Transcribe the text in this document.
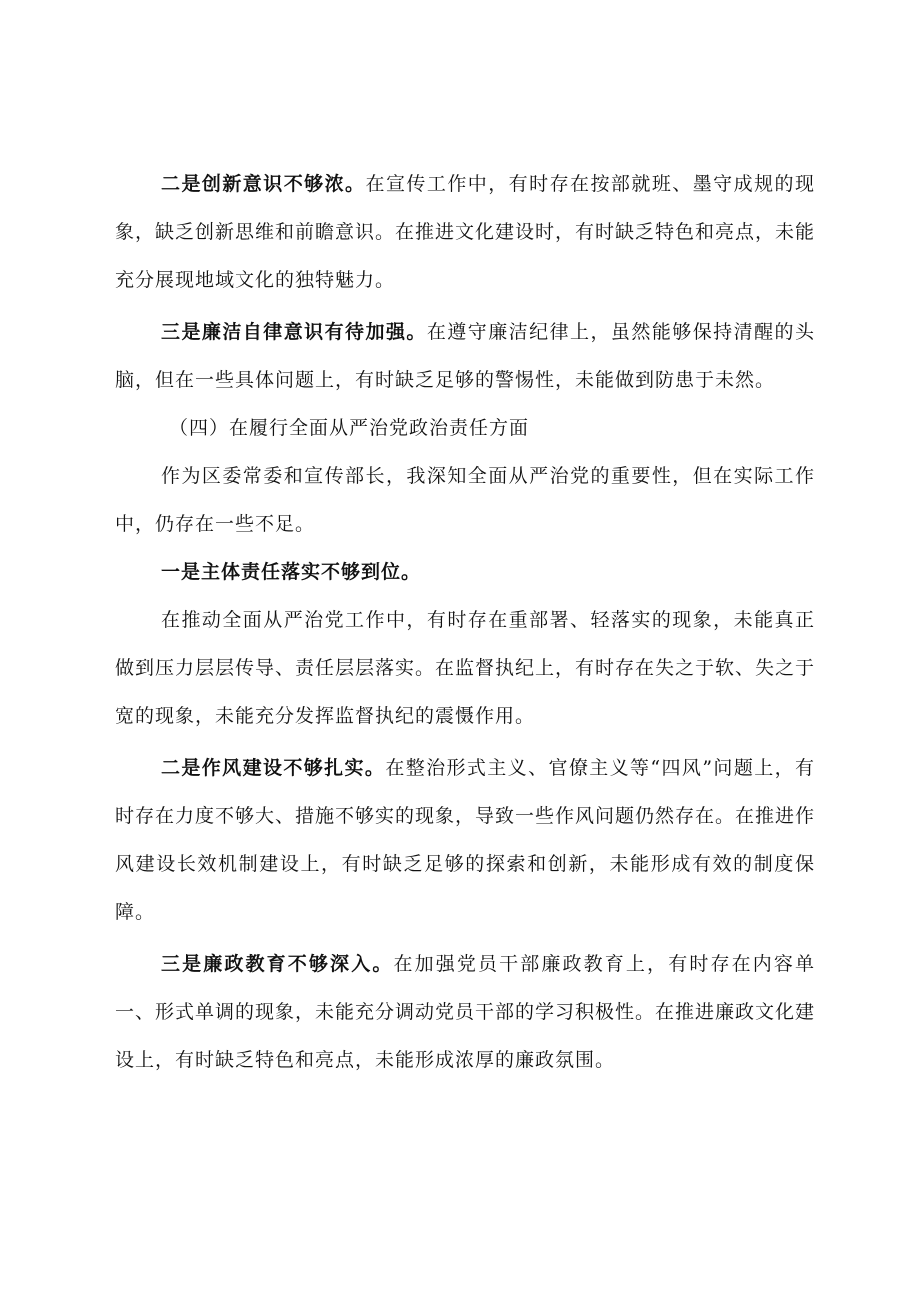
二是创新意识不够浓。在宣传工作中，有时存在按部就班、墨守成规的现象，缺乏创新思维和前瞻意识。在推进文化建设时，有时缺乏特色和亮点，未能充分展现地域文化的独特魅力。

三是廉洁自律意识有待加强。在遵守廉洁纪律上，虽然能够保持清醒的头脑，但在一些具体问题上，有时缺乏足够的警惕性，未能做到防患于未然。

（四）在履行全面从严治党政治责任方面

作为区委常委和宣传部长，我深知全面从严治党的重要性，但在实际工作中，仍存在一些不足。

一是主体责任落实不够到位。

在推动全面从严治党工作中，有时存在重部署、轻落实的现象，未能真正做到压力层层传导、责任层层落实。在监督执纪上，有时存在失之于软、失之于宽的现象，未能充分发挥监督执纪的震慑作用。

二是作风建设不够扎实。在整治形式主义、官僚主义等“四风”问题上，有时存在力度不够大、措施不够实的现象，导致一些作风问题仍然存在。在推进作风建设长效机制建设上，有时缺乏足够的探索和创新，未能形成有效的制度保障。

三是廉政教育不够深入。在加强党员干部廉政教育上，有时存在内容单一、形式单调的现象，未能充分调动党员干部的学习积极性。在推进廉政文化建设上，有时缺乏特色和亮点，未能形成浓厚的廉政氛围。
